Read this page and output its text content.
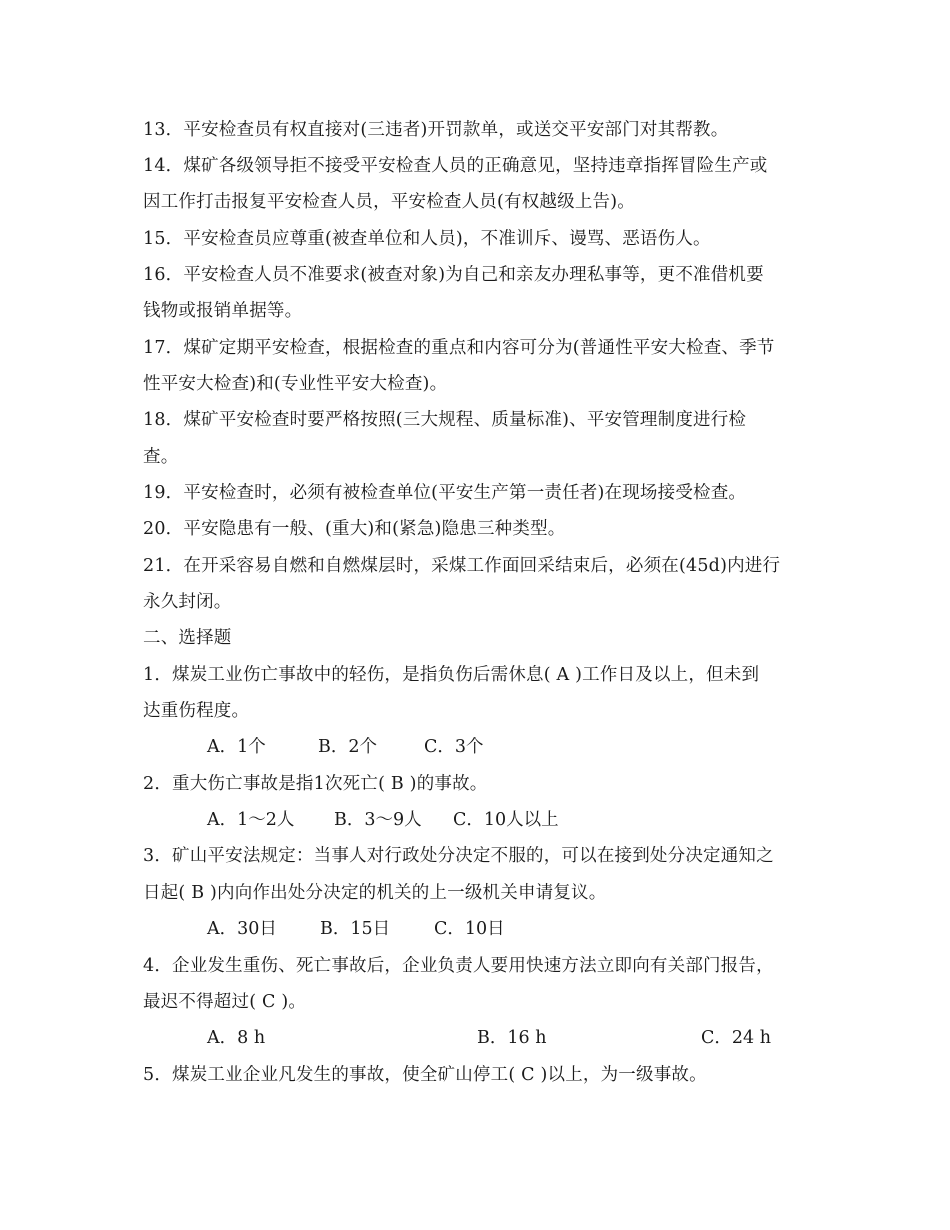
13．平安检查员有权直接对(三违者)开罚款单，或送交平安部门对其帮教。
14．煤矿各级领导拒不接受平安检查人员的正确意见，坚持违章指挥冒险生产或
因工作打击报复平安检查人员，平安检查人员(有权越级上告)。
15．平安检查员应尊重(被查单位和人员)，不准训斥、谩骂、恶语伤人。
16．平安检查人员不准要求(被查对象)为自己和亲友办理私事等，更不准借机要
钱物或报销单据等。
17．煤矿定期平安检查，根据检查的重点和内容可分为(普通性平安大检查、季节
性平安大检查)和(专业性平安大检查)。
18．煤矿平安检查时要严格按照(三大规程、质量标准)、平安管理制度进行检
查。
19．平安检查时，必须有被检查单位(平安生产第一责任者)在现场接受检查。
20．平安隐患有一般、(重大)和(紧急)隐患三种类型。
21．在开采容易自燃和自燃煤层时，采煤工作面回采结束后，必须在(45d)内进行
永久封闭。
二、选择题
1．煤炭工业伤亡事故中的轻伤，是指负伤后需休息( A )工作日及以上，但未到
达重伤程度。
A．1个	B．2个	C．3个
2．重大伤亡事故是指1次死亡( B )的事故。
A．1～2人 B．3～9人 C．10人以上
3．矿山平安法规定：当事人对行政处分决定不服的，可以在接到处分决定通知之
日起( B )内向作出处分决定的机关的上一级机关申请复议。
A．30日 B．15日	C．10日
4．企业发生重伤、死亡事故后，企业负责人要用快速方法立即向有关部门报告，
最迟不得超过( C )。
A．8 h	B．16 h	C．24 h
5．煤炭工业企业凡发生的事故，使全矿山停工( C )以上，为一级事故。
